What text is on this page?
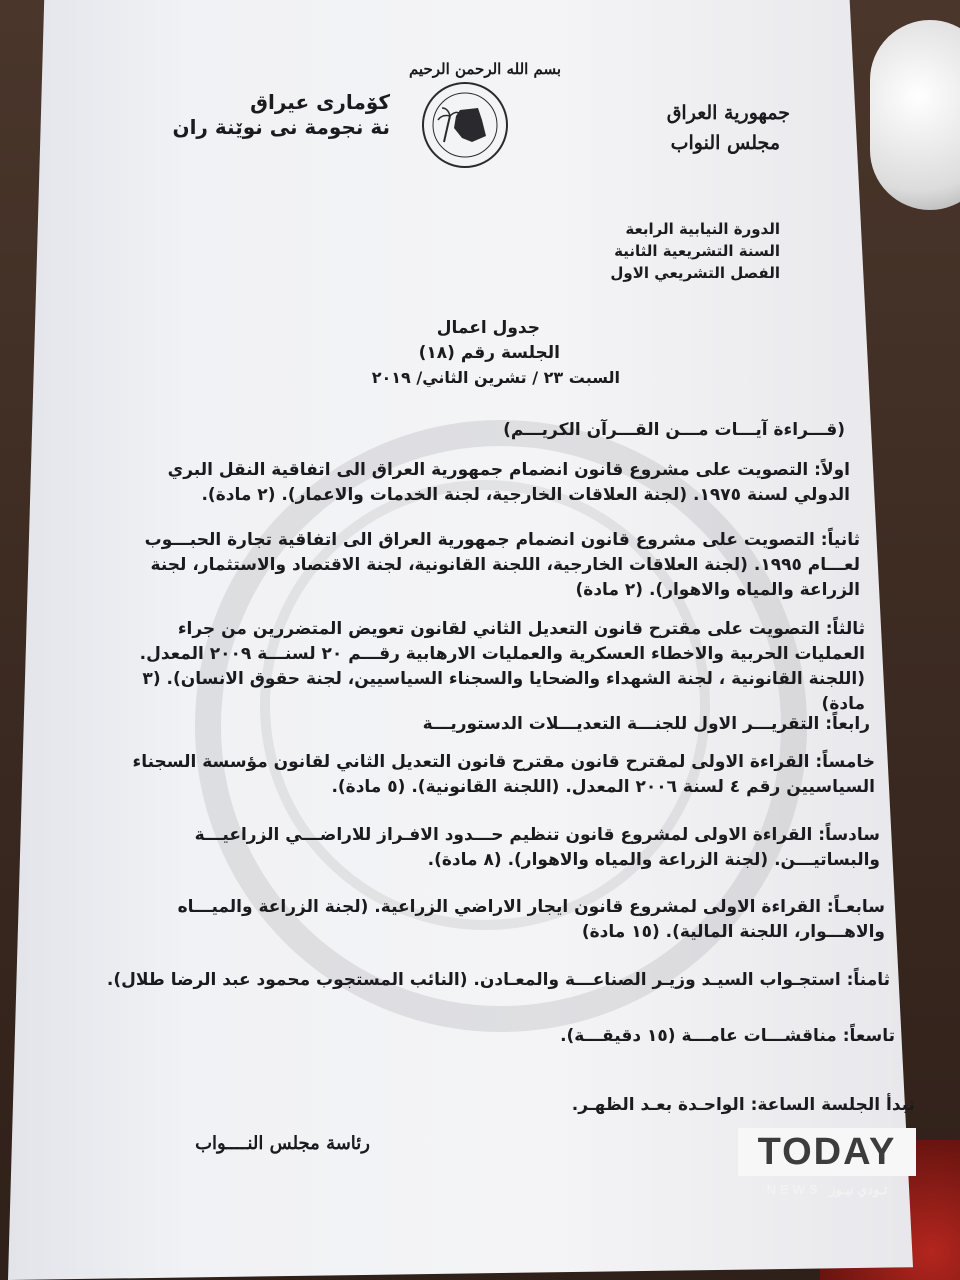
بسم الله الرحمن الرحيم
كۆمارى عيراق
نة نجومة نى نوێنة ران
جمهورية العراق
مجلس النواب
الدورة النيابية الرابعة
السنة التشريعية الثانية
الفصل التشريعي الاول
جدول اعمال
الجلسة رقم (١٨)
السبت ٢٣ / تشرين الثاني/ ٢٠١٩
(قـــراءة آيـــات مـــن القـــرآن الكريـــم)
اولاً: التصويت على مشروع قانون انضمام جمهورية العراق الى اتفاقية النقل البري الدولي لسنة ١٩٧٥. (لجنة العلاقات الخارجية، لجنة الخدمات والاعمار). (٢ مادة).
ثانياً: التصويت على مشروع قانون انضمام جمهورية العراق الى اتفاقية تجارة الحبـــوب لعـــام ١٩٩٥. (لجنة العلاقات الخارجية، اللجنة القانونية، لجنة الاقتصاد والاستثمار، لجنة الزراعة والمياه والاهوار). (٢ مادة)
ثالثاً: التصويت على مقترح قانون التعديل الثاني لقانون تعويض المتضررين من جراء العمليات الحربية والاخطاء العسكرية والعمليات الارهابية رقـــم ٢٠ لسنـــة ٢٠٠٩ المعدل. (اللجنة القانونية ، لجنة الشهداء والضحايا والسجناء السياسيين، لجنة حقوق الانسان). (٣ مادة)
رابعاً: التقريـــر الاول للجنـــة التعديـــلات الدستوريـــة
خامساً: القراءة الاولى لمقترح قانون مقترح قانون التعديل الثاني لقانون مؤسسة السجناء السياسيين رقم ٤ لسنة ٢٠٠٦ المعدل. (اللجنة القانونية). (٥ مادة).
سادساً: القراءة الاولى لمشروع قانون تنظيم حـــدود الافـراز للاراضـــي الزراعيـــة والبساتيـــن. (لجنة الزراعة والمياه والاهوار). (٨ مادة).
سابعـاً: القراءة الاولى لمشروع قانون ايجار الاراضي الزراعية. (لجنة الزراعة والميـــاه والاهـــوار، اللجنة المالية). (١٥ مادة)
ثامناً: استجـواب السيـد وزيـر الصناعـــة والمعـادن. (النائب المستجوب محمود عبد الرضا طلال).
تاسعاً: مناقشـــات عامـــة (١٥ دقيقـــة).
تبدأ الجلسة الساعة: الواحـدة بعـد الظهـر.
رئاسة مجلس النــــواب	TODAY
NEWS تـودي نيـوز
